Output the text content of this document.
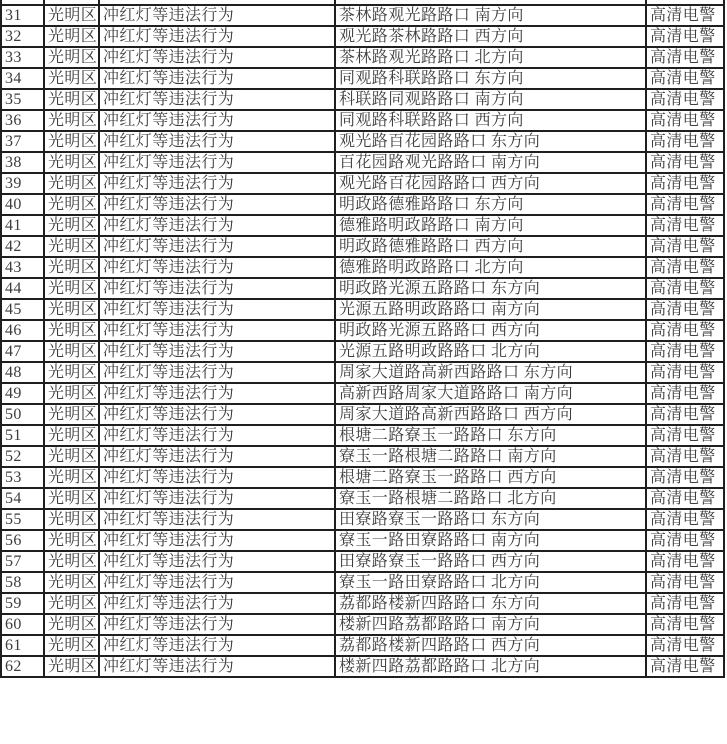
31	光明区	冲红灯等违法行为	茶林路观光路路口 南方向	高清电警
32	光明区	冲红灯等违法行为	观光路茶林路路口 西方向	高清电警
33	光明区	冲红灯等违法行为	茶林路观光路路口 北方向	高清电警
34	光明区	冲红灯等违法行为	同观路科联路路口 东方向	高清电警
35	光明区	冲红灯等违法行为	科联路同观路路口 南方向	高清电警
36	光明区	冲红灯等违法行为	同观路科联路路口 西方向	高清电警
37	光明区	冲红灯等违法行为	观光路百花园路路口 东方向	高清电警
38	光明区	冲红灯等违法行为	百花园路观光路路口 南方向	高清电警
39	光明区	冲红灯等违法行为	观光路百花园路路口 西方向	高清电警
40	光明区	冲红灯等违法行为	明政路德雅路路口 东方向	高清电警
41	光明区	冲红灯等违法行为	德雅路明政路路口 南方向	高清电警
42	光明区	冲红灯等违法行为	明政路德雅路路口 西方向	高清电警
43	光明区	冲红灯等违法行为	德雅路明政路路口 北方向	高清电警
44	光明区	冲红灯等违法行为	明政路光源五路路口 东方向	高清电警
45	光明区	冲红灯等违法行为	光源五路明政路路口 南方向	高清电警
46	光明区	冲红灯等违法行为	明政路光源五路路口 西方向	高清电警
47	光明区	冲红灯等违法行为	光源五路明政路路口 北方向	高清电警
48	光明区	冲红灯等违法行为	周家大道路高新西路路口 东方向	高清电警
49	光明区	冲红灯等违法行为	高新西路周家大道路路口 南方向	高清电警
50	光明区	冲红灯等违法行为	周家大道路高新西路路口 西方向	高清电警
51	光明区	冲红灯等违法行为	根塘二路寮玉一路路口 东方向	高清电警
52	光明区	冲红灯等违法行为	寮玉一路根塘二路路口 南方向	高清电警
53	光明区	冲红灯等违法行为	根塘二路寮玉一路路口 西方向	高清电警
54	光明区	冲红灯等违法行为	寮玉一路根塘二路路口 北方向	高清电警
55	光明区	冲红灯等违法行为	田寮路寮玉一路路口 东方向	高清电警
56	光明区	冲红灯等违法行为	寮玉一路田寮路路口 南方向	高清电警
57	光明区	冲红灯等违法行为	田寮路寮玉一路路口 西方向	高清电警
58	光明区	冲红灯等违法行为	寮玉一路田寮路路口 北方向	高清电警
59	光明区	冲红灯等违法行为	荔都路楼新四路路口 东方向	高清电警
60	光明区	冲红灯等违法行为	楼新四路荔都路路口 南方向	高清电警
61	光明区	冲红灯等违法行为	荔都路楼新四路路口 西方向	高清电警
62	光明区	冲红灯等违法行为	楼新四路荔都路路口 北方向	高清电警
